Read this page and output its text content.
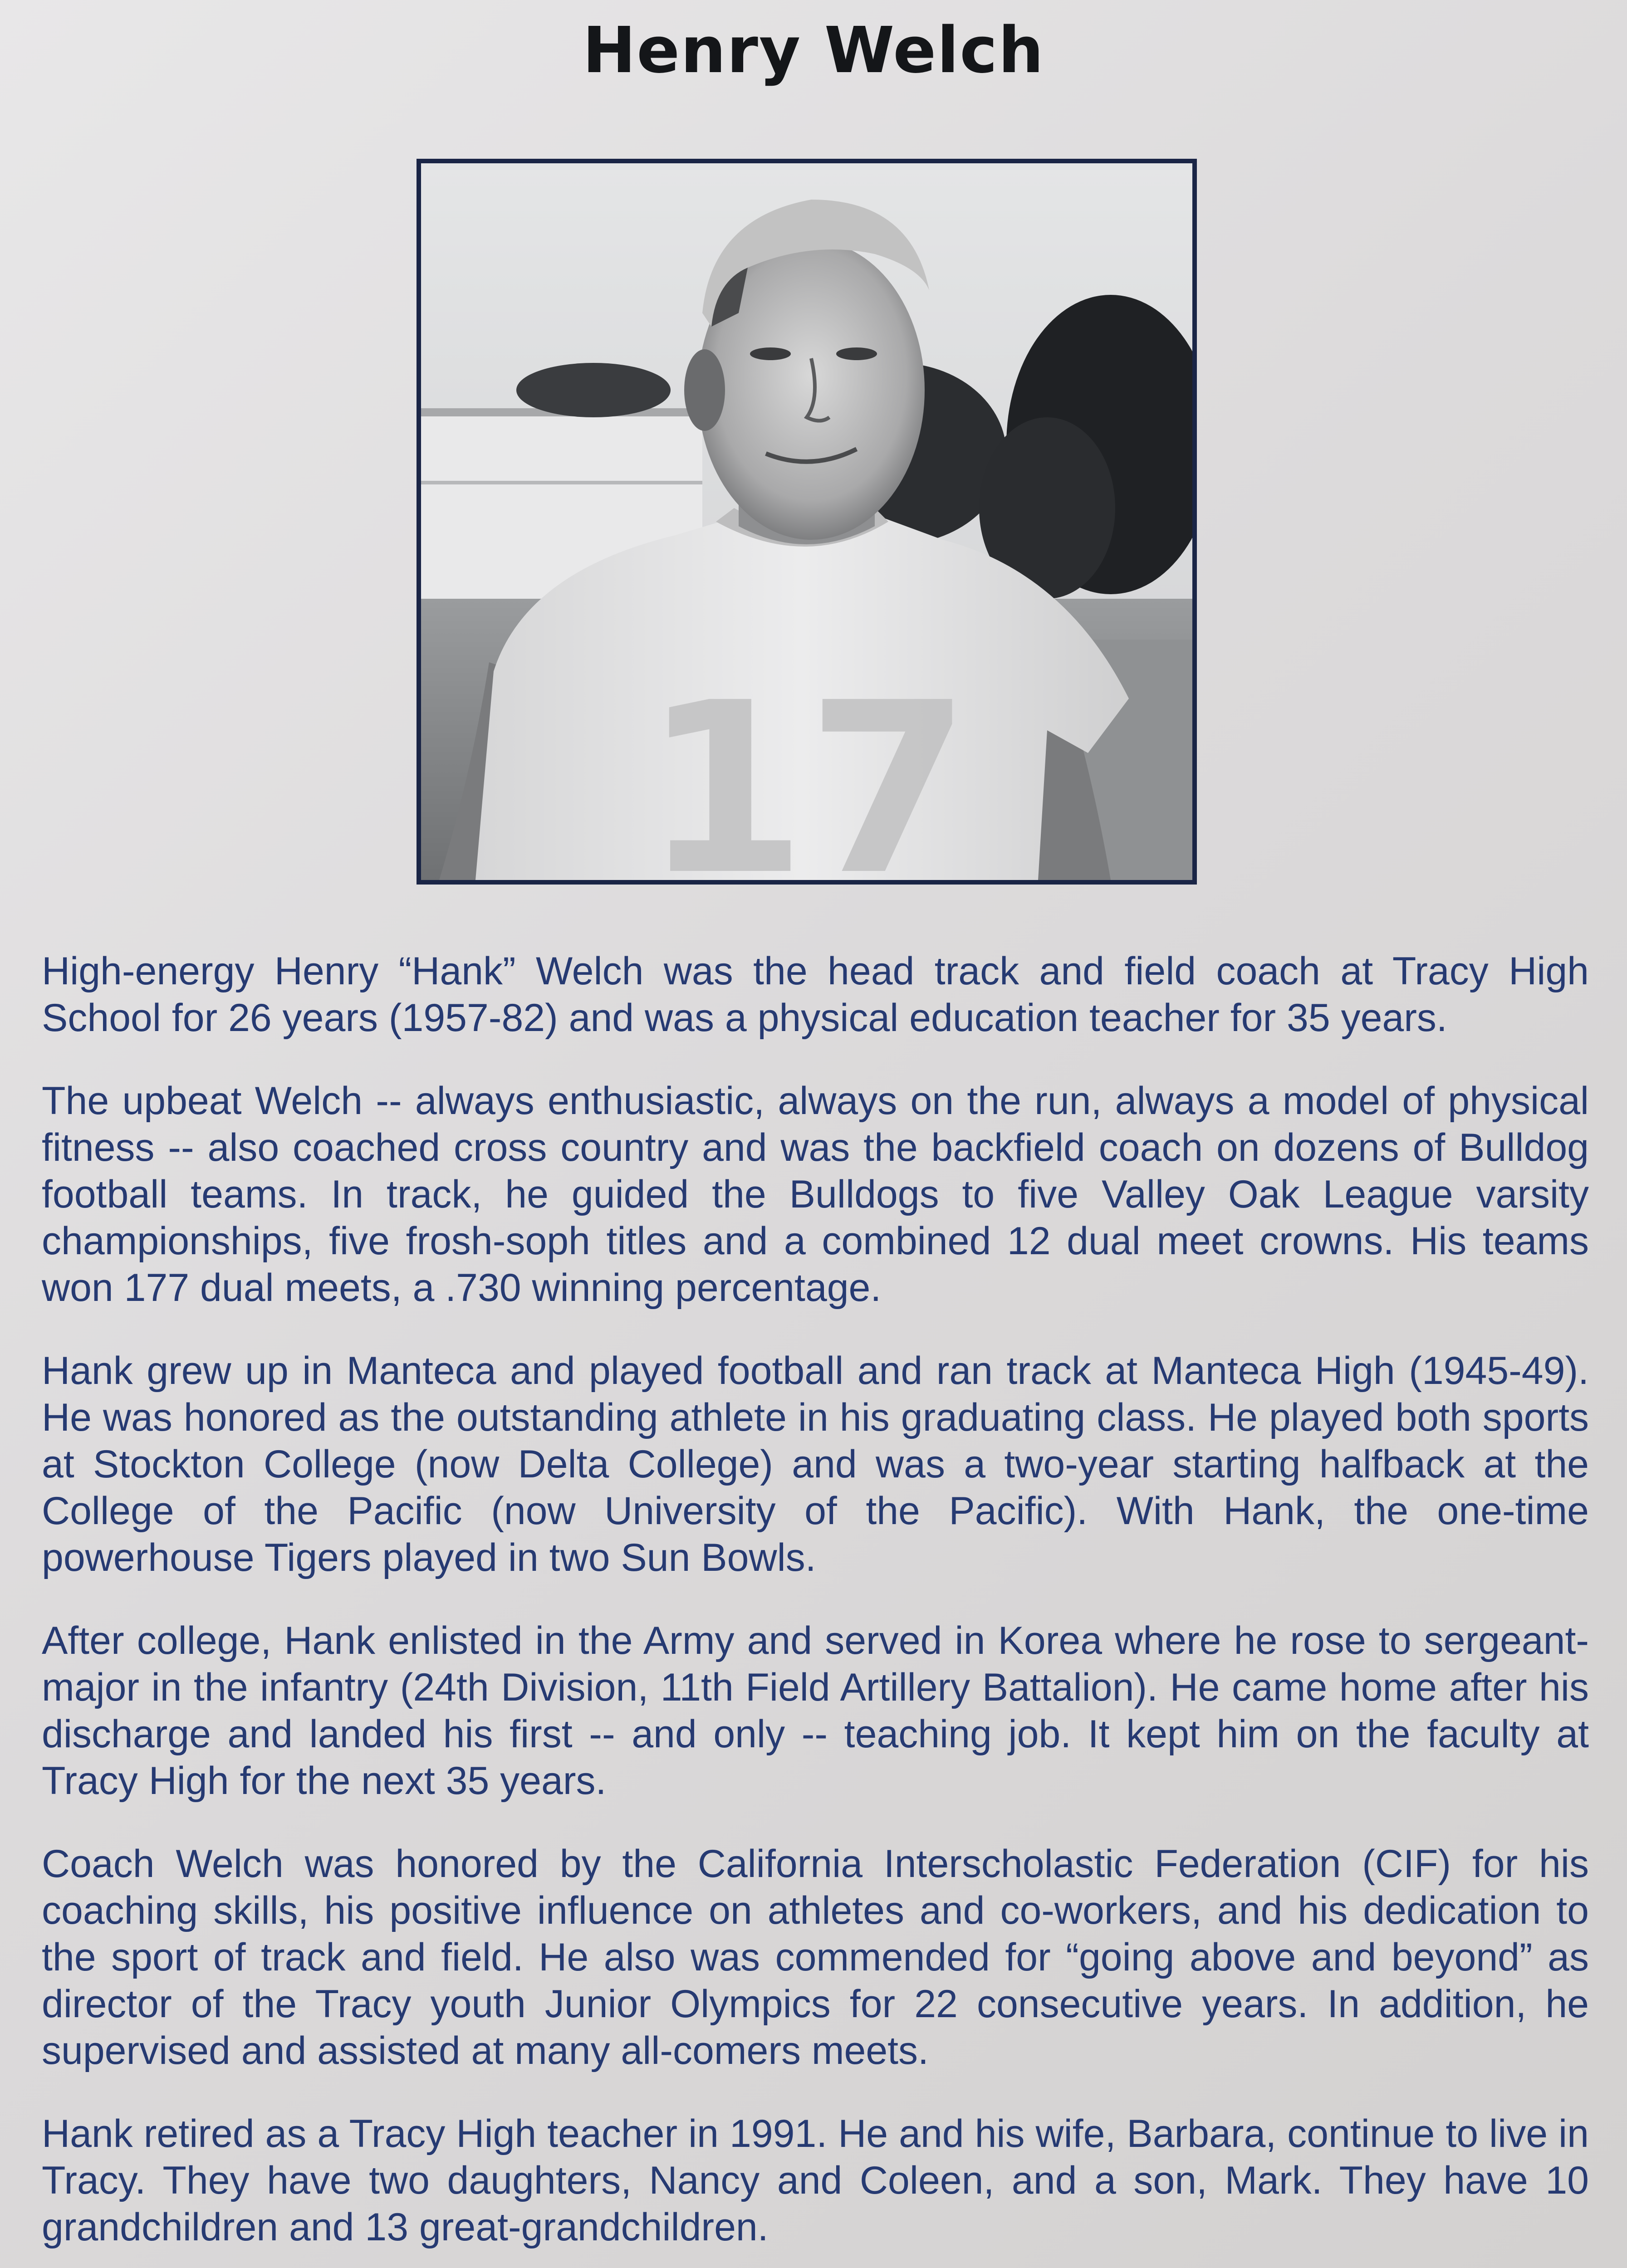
Henry Welch
17

High-energy Henry “Hank” Welch was the head track and field coach at Tracy High School for 26 years (1957-82) and was a physical education teacher for 35 years.

The upbeat Welch -- always enthusiastic, always on the run, always a model of physical fitness -- also coached cross country and was the backfield coach on dozens of Bulldog football teams. In track, he guided the Bulldogs to five Valley Oak League varsity championships, five frosh-soph titles and a combined 12 dual meet crowns. His teams won 177 dual meets, a .730 winning percentage.

Hank grew up in Manteca and played football and ran track at Manteca High (1945-49). He was honored as the outstanding athlete in his graduating class. He played both sports at Stockton College (now Delta College) and was a two-year starting halfback at the College of the Pacific (now University of the Pacific). With Hank, the one-time powerhouse Tigers played in two Sun Bowls.

After college, Hank enlisted in the Army and served in Korea where he rose to sergeant-major in the infantry (24th Division, 11th Field Artillery Battalion). He came home after his discharge and landed his first -- and only -- teaching job. It kept him on the faculty at Tracy High for the next 35 years.

Coach Welch was honored by the California Interscholastic Federation (CIF) for his coaching skills, his positive influence on athletes and co-workers, and his dedication to the sport of track and field. He also was commended for “going above and beyond” as director of the Tracy youth Junior Olympics for 22 consecutive years. In addition, he supervised and assisted at many all-comers meets.

Hank retired as a Tracy High teacher in 1991. He and his wife, Barbara, continue to live in Tracy. They have two daughters, Nancy and Coleen, and a son, Mark. They have 10 grandchildren and 13 great-grandchildren.
